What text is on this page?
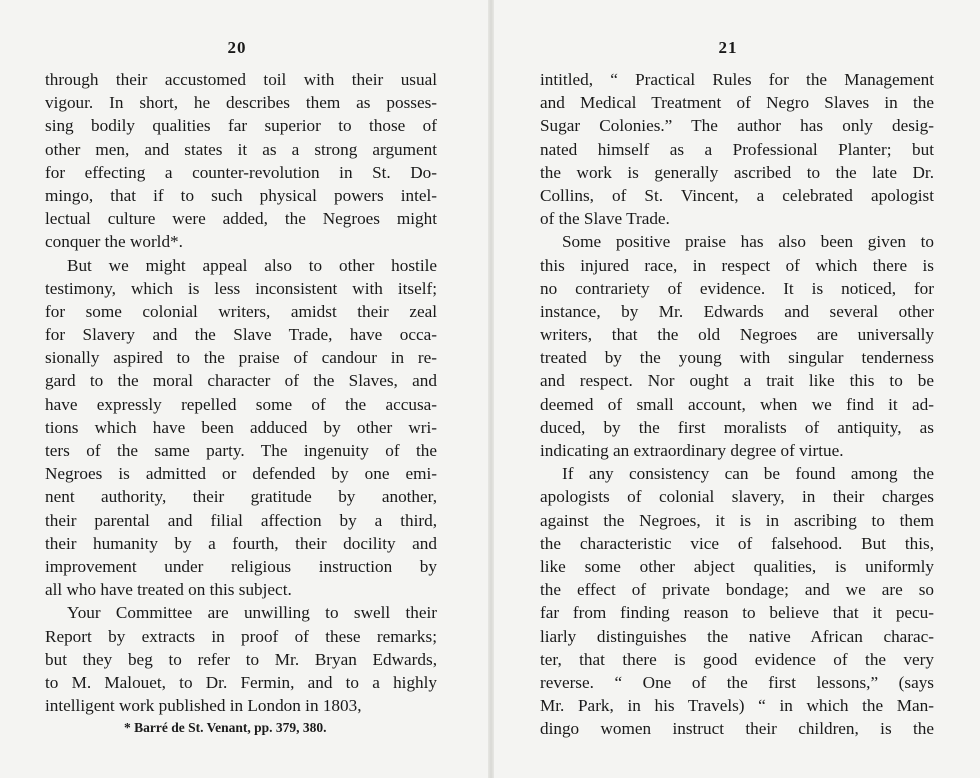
20
through their accustomed toil with their usual
vigour. In short, he describes them as posses-
sing bodily qualities far superior to those of
other men, and states it as a strong argument
for effecting a counter-revolution in St. Do-
mingo, that if to such physical powers intel-
lectual culture were added, the Negroes might
conquer the world*.
But we might appeal also to other hostile
testimony, which is less inconsistent with itself;
for some colonial writers, amidst their zeal
for Slavery and the Slave Trade, have occa-
sionally aspired to the praise of candour in re-
gard to the moral character of the Slaves, and
have expressly repelled some of the accusa-
tions which have been adduced by other wri-
ters of the same party. The ingenuity of the
Negroes is admitted or defended by one emi-
nent authority, their gratitude by another,
their parental and filial affection by a third,
their humanity by a fourth, their docility and
improvement under religious instruction by
all who have treated on this subject.
Your Committee are unwilling to swell their
Report by extracts in proof of these remarks;
but they beg to refer to Mr. Bryan Edwards,
to M. Malouet, to Dr. Fermin, and to a highly
intelligent work published in London in 1803,
* Barré de St. Venant, pp. 379, 380.
21
intitled, “ Practical Rules for the Management
and Medical Treatment of Negro Slaves in the
Sugar Colonies.” The author has only desig-
nated himself as a Professional Planter; but
the work is generally ascribed to the late Dr.
Collins, of St. Vincent, a celebrated apologist
of the Slave Trade.
Some positive praise has also been given to
this injured race, in respect of which there is
no contrariety of evidence. It is noticed, for
instance, by Mr. Edwards and several other
writers, that the old Negroes are universally
treated by the young with singular tenderness
and respect. Nor ought a trait like this to be
deemed of small account, when we find it ad-
duced, by the first moralists of antiquity, as
indicating an extraordinary degree of virtue.
If any consistency can be found among the
apologists of colonial slavery, in their charges
against the Negroes, it is in ascribing to them
the characteristic vice of falsehood. But this,
like some other abject qualities, is uniformly
the effect of private bondage; and we are so
far from finding reason to believe that it pecu-
liarly distinguishes the native African charac-
ter, that there is good evidence of the very
reverse. “ One of the first lessons,” (says
Mr. Park, in his Travels) “ in which the Man-
dingo women instruct their children, is the
